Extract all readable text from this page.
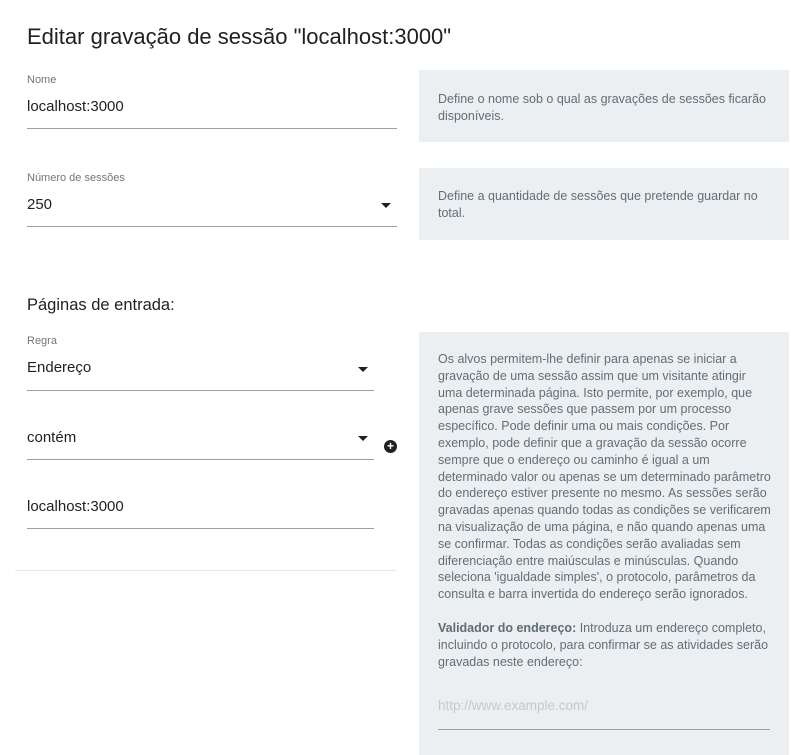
Editar gravação de sessão "localhost:3000"
Nome
localhost:3000	Define o nome sob o qual as gravações de sessões ficarão disponíveis.
Número de sessões
250	Define a quantidade de sessões que pretende guardar no total.
Páginas de entrada:
Regra
Endereço
contém	+
localhost:3000

Os alvos permitem-lhe definir para apenas se iniciar a gravação de uma sessão assim que um visitante atingir uma determinada página. Isto permite, por exemplo, que apenas grave sessões que passem por um processo específico. Pode definir uma ou mais condições. Por exemplo, pode definir que a gravação da sessão ocorre sempre que o endereço ou caminho é igual a um determinado valor ou apenas se um determinado parâmetro do endereço estiver presente no mesmo. As sessões serão gravadas apenas quando todas as condições se verificarem na visualização de uma página, e não quando apenas uma se confirmar. Todas as condições serão avaliadas sem diferenciação entre maiúsculas e minúsculas. Quando seleciona 'igualdade simples', o protocolo, parâmetros da consulta e barra invertida do endereço serão ignorados.

Validador do endereço: Introduza um endereço completo, incluindo o protocolo, para confirmar se as atividades serão gravadas neste endereço:

http://www.example.com/
